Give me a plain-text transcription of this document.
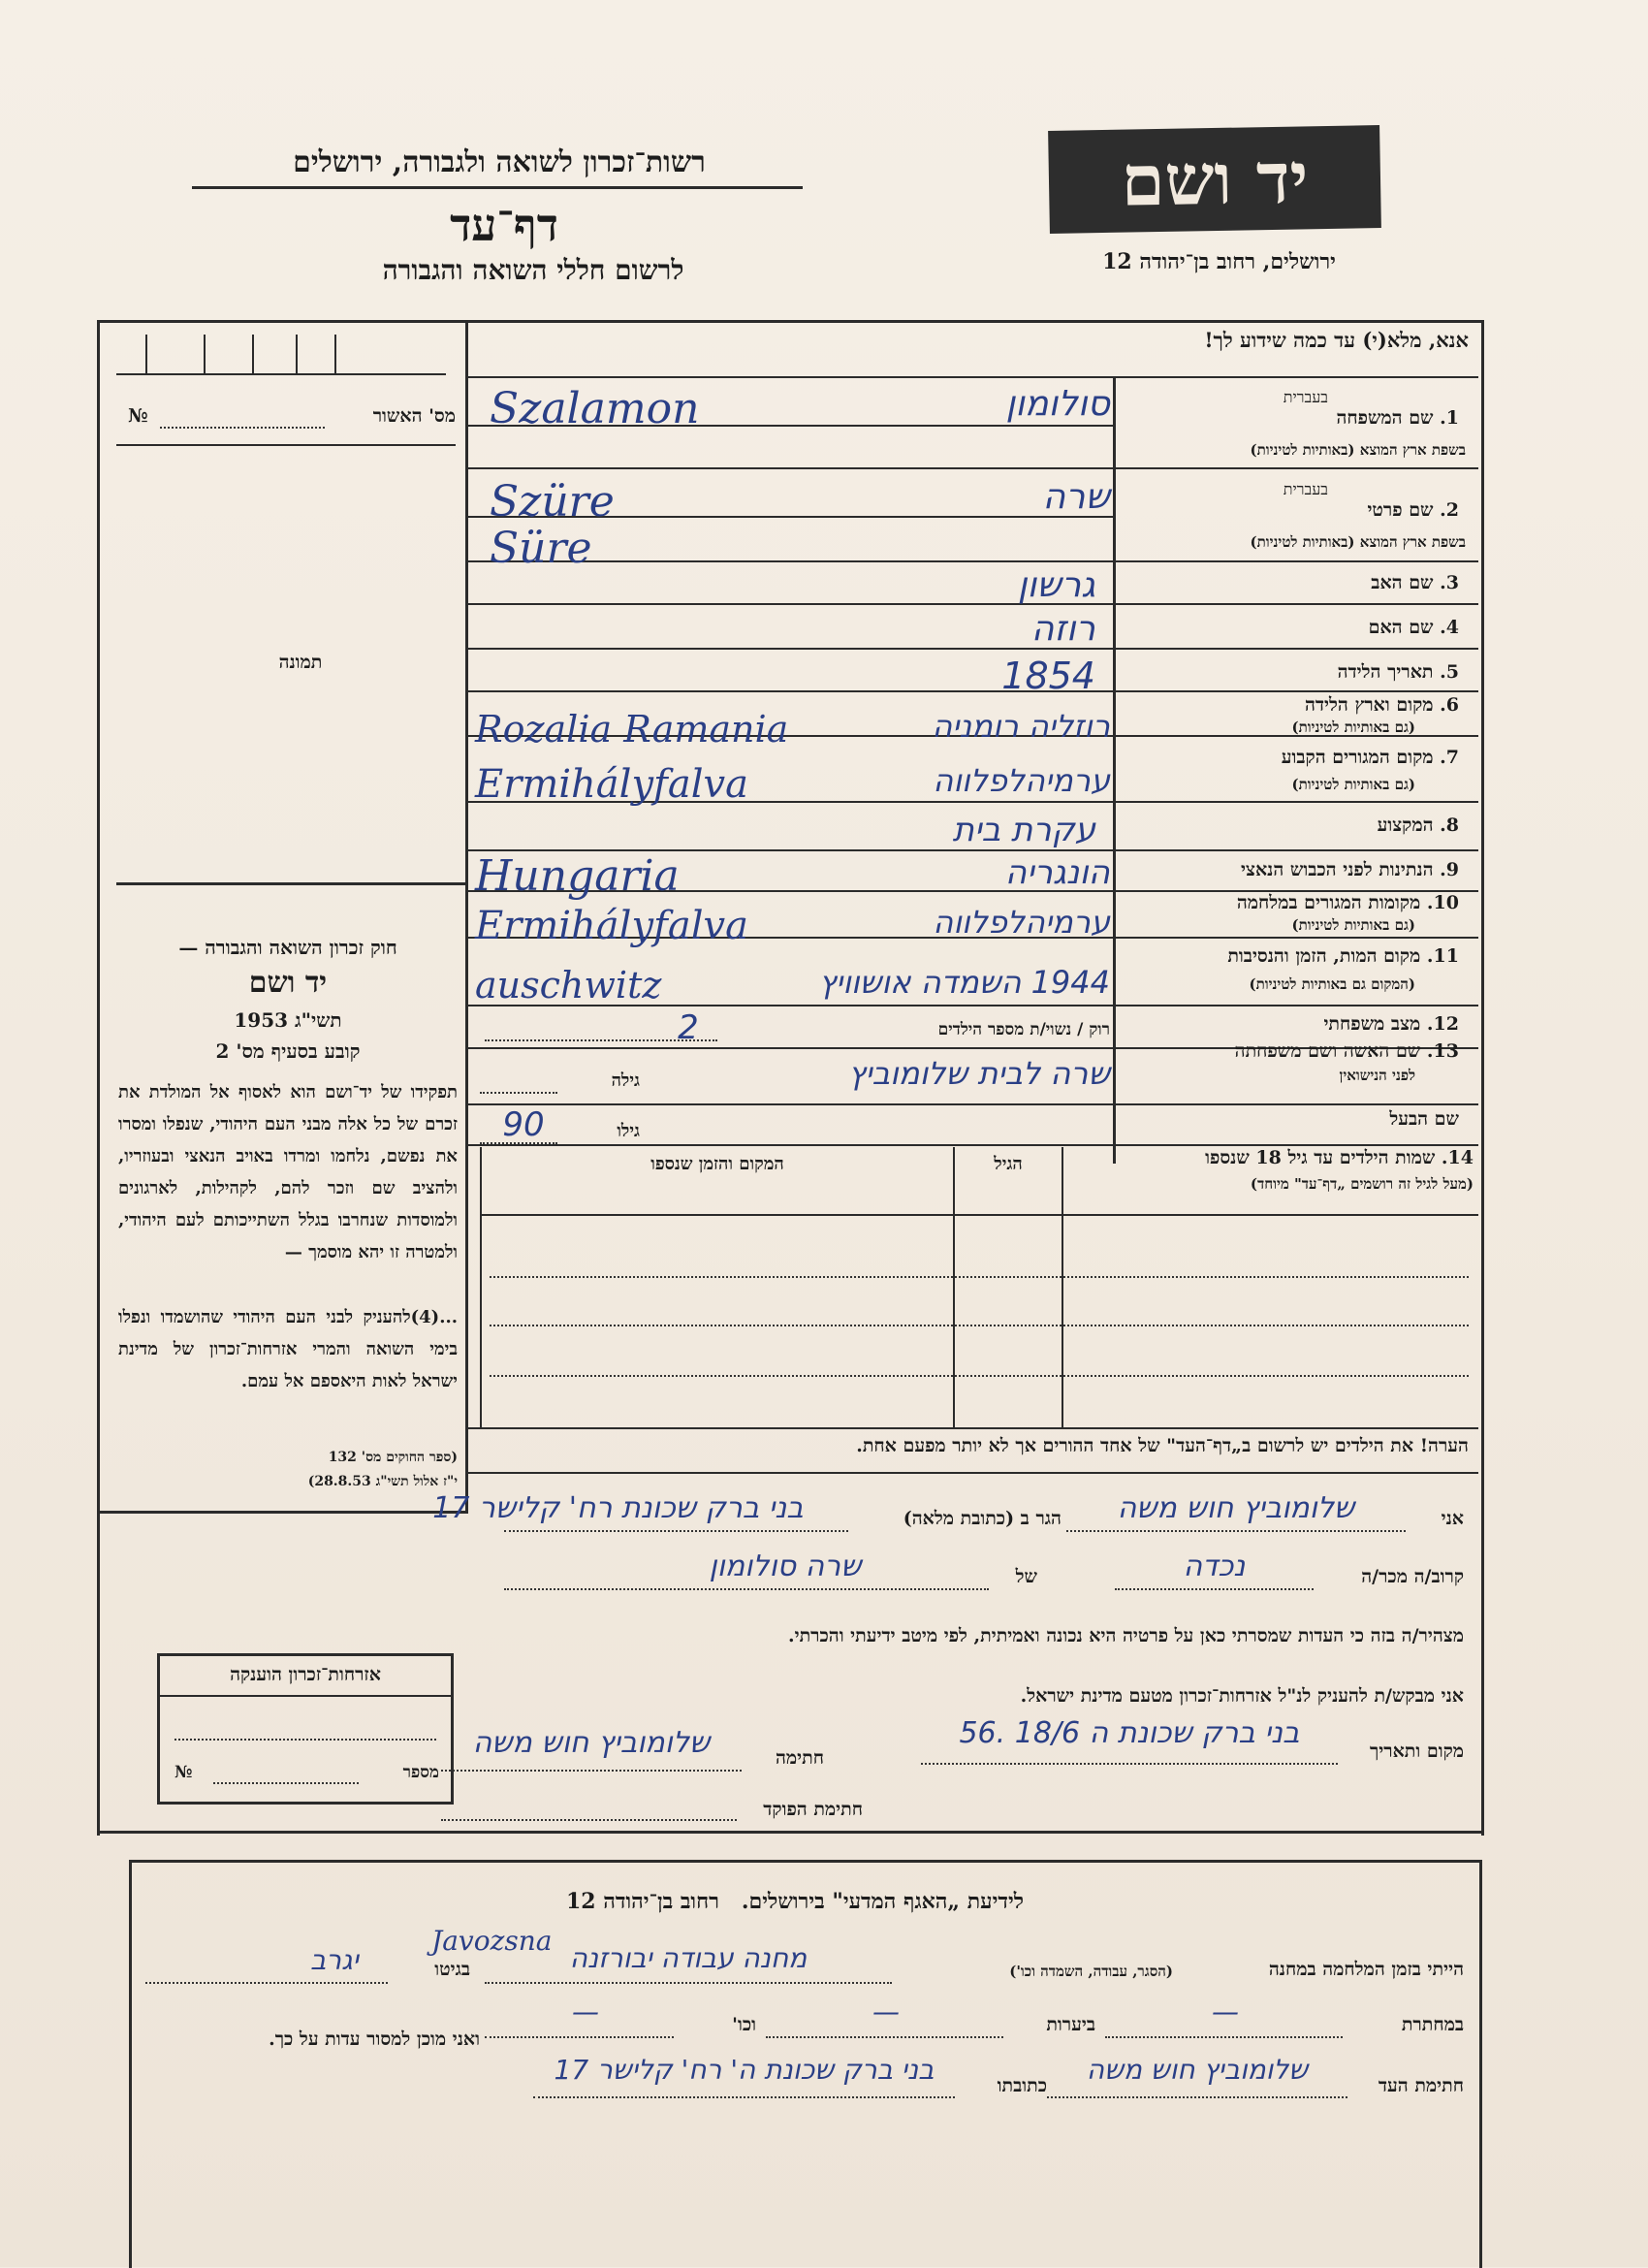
רשות־זכרון לשואה ולגבורה, ירושלים
דף־עד
לרשום חללי השואה והגבורה
יד ושם
ירושלים, רחוב בן־יהודה 12
אנא, מלא(י) עד כמה שידוע לך!
מס' האשור
№
תמונה
חוק זכרון השואה והגבורה —
יד ושם
תשי"ג 1953
קובע בסעיף מס' 2
תפקידו של יד־ושם הוא לאסוף אל המולדת את זכרם של כל אלה מבני העם היהודי, שנפלו ומסרו את נפשם, נלחמו ומרדו באויב הנאצי ובעוזריו, ולהציב שם וזכר להם, לקהילות, לארגונים ולמוסדות שנחרבו בגלל השתייכותם לעם היהודי, ולמטרה זו יהא מוסמך —
...(4)להעניק לבני העם היהודי שהושמדו ונפלו בימי השואה והמרי אזרחות־זכרון של מדינת ישראל לאות היאספם אל עמם.
(ספר החוקים מס' 132
י"ז אלול תשי"ג 28.8.53)
אזרחות־זכרון הוענקה
מספר
№
בעברית
1. שם המשפחה
בשפת ארץ המוצא (באותיות לטיניות)
בעברית
2. שם פרטי
בשפת ארץ המוצא (באותיות לטיניות)
3. שם האב
4. שם האם
5. תאריך הלידה
6. מקום וארץ הלידה
(גם באותיות לטיניות)
7. מקום המגורים הקבוע
(גם באותיות לטיניות)
8. המקצוע
9. הנתינות לפני הכבוש הנאצי
10. מקומות המגורים במלחמה
(גם באותיות לטיניות)
11. מקום המות, הזמן והנסיבות
(המקום גם באותיות לטיניות)
12. מצב משפחתי
13. שם האשה ושם משפחתה
לפני הנישואין
שם הבעל
סולומון
Szalamon
שרה
Szüre
Süre
גרשון
רוזה
1854
רוזליה רומניה
Rozalia Ramania
ערמיהלפלווה
Ermihályfalva
עקרת בית
הונגריה
Hungaria
ערמיהלפלווה
Ermihályfalva
1944 השמדה אושוויץ
auschwitz
רוק / נשוי/ת מספר הילדים
2
גילה	שרה לבית שלומוביץ
גילו
90
14. שמות הילדים עד גיל 18 שנספו
(מעל לגיל זה רושמים „דף־עד" מיוחד)
הגיל
המקום והזמן שנספו
הערה! את הילדים יש לרשום ב„דף־העד" של אחד ההורים אך לא יותר מפעם אחת.
אני
שלומוביץ חוש משה
הגר ב (כתובת מלאה)
בני ברק שכונת רח' קלישר 17
קרוב/ה מכר/ה
נכדה
של
שרה סולומון
מצהיר/ה בזה כי העדות שמסרתי כאן על פרטיה היא נכונה ואמיתית, לפי מיטב ידיעתי והכרתי.
אני מבקש/ת להעניק לנ"ל אזרחות־זכרון מטעם מדינת ישראל.
מקום ותאריך
בני ברק שכונת ה 18/6 .56
חתימה
שלומוביץ חוש משה
חתימת הפוקד
לידיעת „האגף המדעי" בירושלים.   רחוב בן־יהודה 12
הייתי בזמן המלחמה במחנה
(הסגר, עבודה, השמדה וכו')
מחנה עבודה יבורזנה
Javozsna
בגיטו
יגרב
במחתרת
—
ביערות
—
וכו'
—
ואני מוכן למסור עדות על כך.
חתימת העד
שלומוביץ חוש משה
כתובתו
בני ברק שכונת ה' רח' קלישר 17
